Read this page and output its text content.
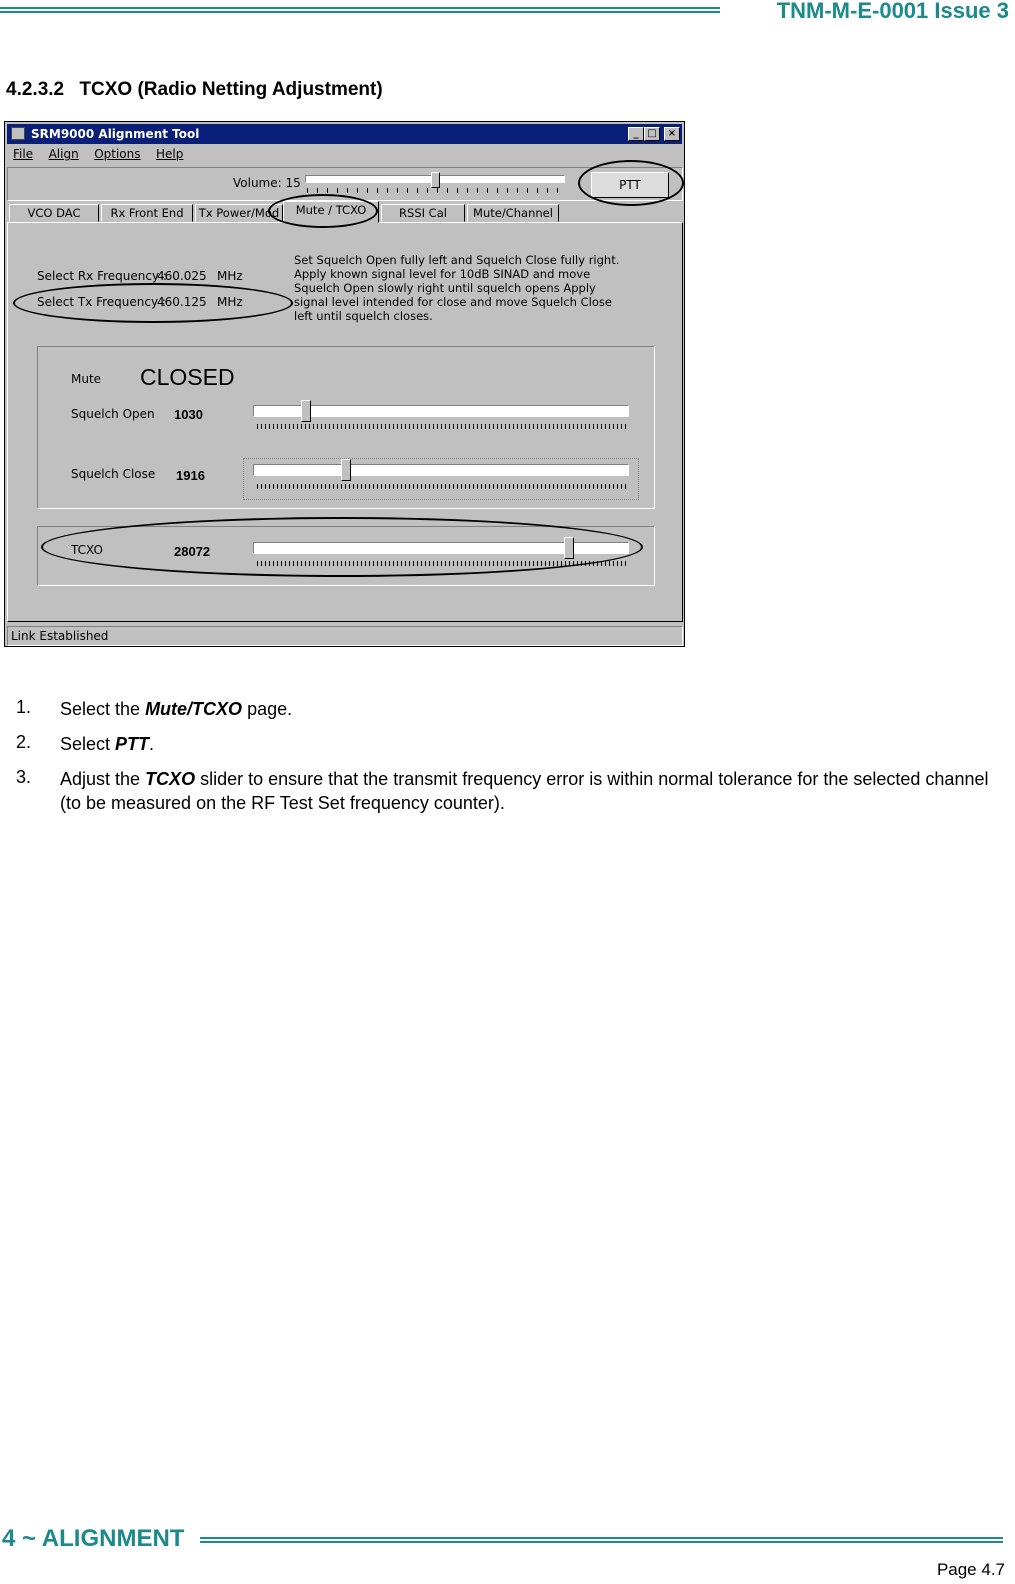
TNM-M-E-0001 Issue 3
4.2.3.2 TCXO (Radio Netting Adjustment)
SRM9000 Alignment Tool	_ □	×
File Align Options Help
Volume: 15	PTT
VCO DAC	Rx Front End	Tx Power/Mod	Mute / TCXO	RSSI Cal	Mute/Channel
Select Rx Frequency :
460.025 MHz
Select Tx Frequency :
460.125 MHz
Set Squelch Open fully left and Squelch Close fully right. Apply known signal level for 10dB SINAD and move Squelch Open slowly right until squelch opens Apply signal level intended for close and move Squelch Close left until squelch closes.
Mute CLOSED
Squelch Open 1030
Squelch Close 1916
TCXO	28072
Link Established
1. Select the Mute/TCXO page.
2. Select PTT.
3. Adjust the TCXO slider to ensure that the transmit frequency error is within normal tolerance for the selected channel (to be measured on the RF Test Set frequency counter).
4 ~ ALIGNMENT
Page 4.7
